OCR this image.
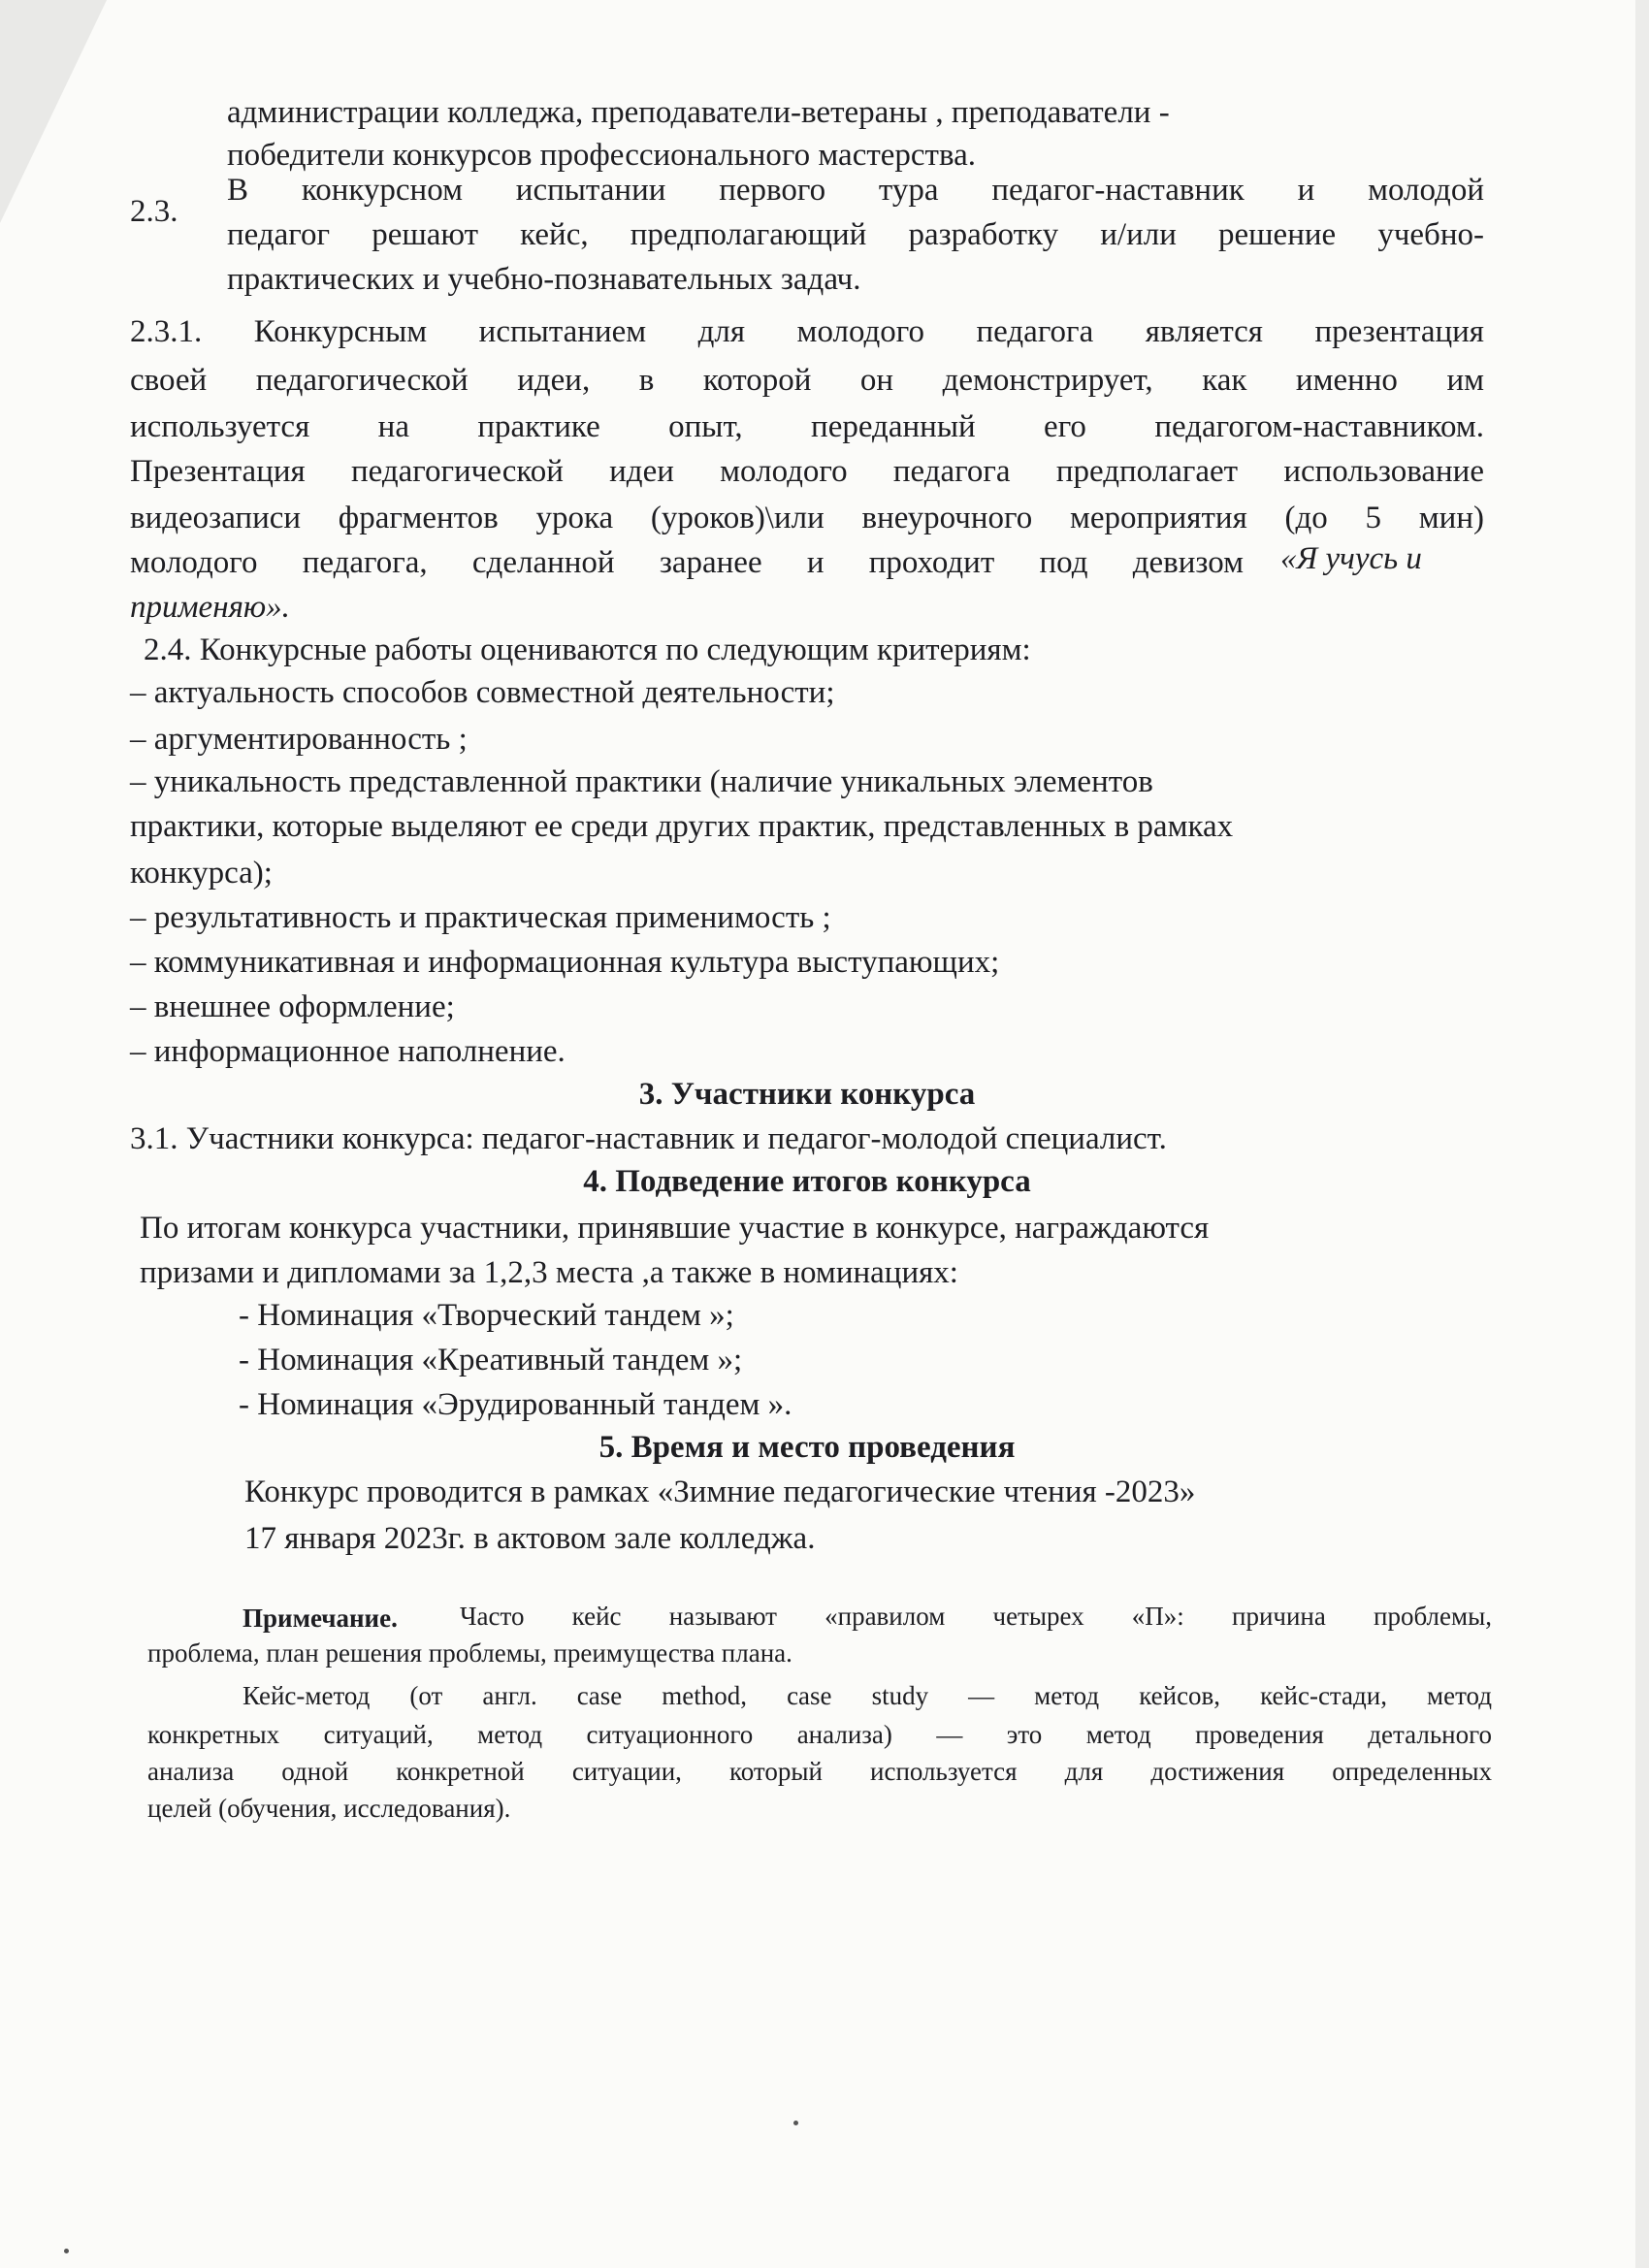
администрации колледжа, преподаватели-ветераны , преподаватели -
победители конкурсов профессионального мастерства.
2.3.
В конкурсном испытании первого тура педагог-наставник и молодой
педагог решают кейс, предполагающий разработку и/или решение учебно-
практических и учебно-познавательных задач.
2.3.1. Конкурсным испытанием для молодого педагога является презентация
своей педагогической идеи, в которой он демонстрирует, как именно им
используется на практике опыт, переданный его педагогом-наставником.
Презентация педагогической идеи молодого педагога предполагает использование
видеозаписи фрагментов урока (уроков)\или внеурочного мероприятия (до 5 мин)
молодого педагога, сделанной заранее и проходит под девизом «Я учусь и
применяю».
2.4. Конкурсные работы оцениваются по следующим критериям:
– актуальность способов совместной деятельности;
– аргументированность ;
– уникальность представленной практики (наличие уникальных элементов
практики, которые выделяют ее среди других практик, представленных в рамках
конкурса);
– результативность и практическая применимость ;
– коммуникативная и информационная культура выступающих;
– внешнее оформление;
– информационное наполнение.
3. Участники конкурса
3.1. Участники конкурса: педагог-наставник и педагог-молодой специалист.
4. Подведение итогов конкурса
По итогам конкурса участники, принявшие участие в конкурсе, награждаются
призами и дипломами за 1,2,3 места ,а также в номинациях:
- Номинация «Творческий тандем »;
- Номинация «Креативный тандем »;
- Номинация «Эрудированный тандем ».
5. Время и место проведения
Конкурс проводится в рамках «Зимние педагогические чтения -2023»
17 января 2023г. в актовом зале колледжа.
Примечание. Часто кейс называют «правилом четырех «П»: причина проблемы,
проблема, план решения проблемы, преимущества плана.
Кейс-метод (от англ. case method, case study — метод кейсов, кейс-стади, метод
конкретных ситуаций, метод ситуационного анализа) — это метод проведения детального
анализа одной конкретной ситуации, который используется для достижения определенных
целей (обучения, исследования).
